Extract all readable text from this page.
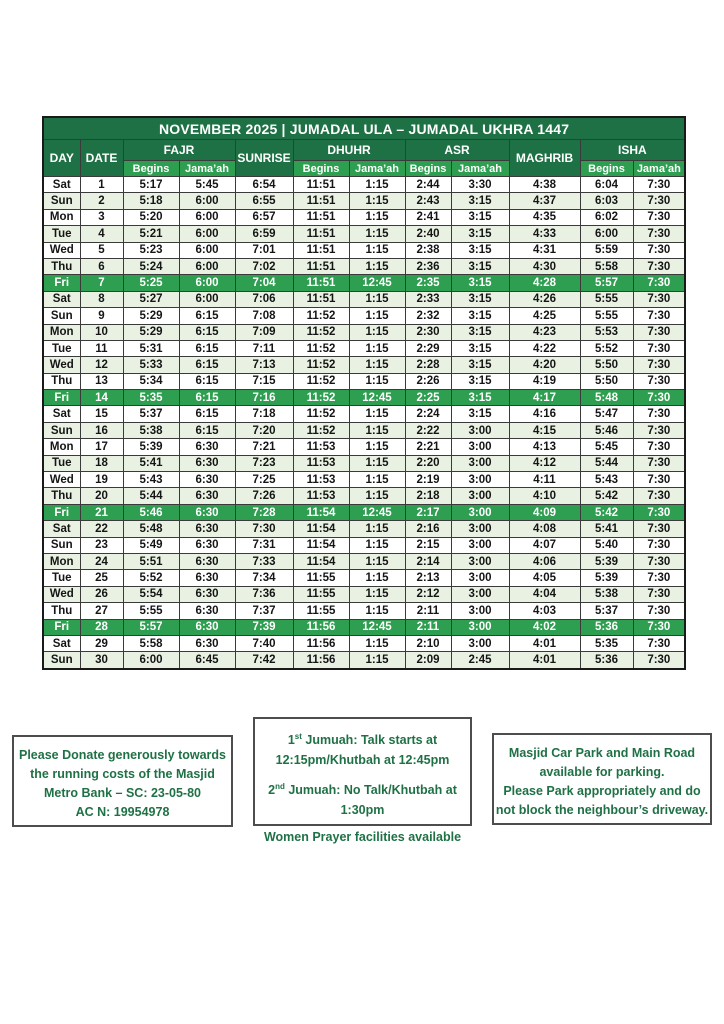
NOVEMBER 2025 | JUMADAL ULA – JUMADAL UKHRA 1447											
DAY	DATE	FAJR		SUNRISE	DHUHR		ASR		MAGHRIB	ISHA	
		Begins	Jama’ah		Begins	Jama’ah	Begins	Jama’ah		Begins	Jama’ah
Sat	1	5:17	5:45	6:54	11:51	1:15	2:44	3:30	4:38	6:04	7:30
Sun	2	5:18	6:00	6:55	11:51	1:15	2:43	3:15	4:37	6:03	7:30
Mon	3	5:20	6:00	6:57	11:51	1:15	2:41	3:15	4:35	6:02	7:30
Tue	4	5:21	6:00	6:59	11:51	1:15	2:40	3:15	4:33	6:00	7:30
Wed	5	5:23	6:00	7:01	11:51	1:15	2:38	3:15	4:31	5:59	7:30
Thu	6	5:24	6:00	7:02	11:51	1:15	2:36	3:15	4:30	5:58	7:30
Fri	7	5:25	6:00	7:04	11:51	12:45	2:35	3:15	4:28	5:57	7:30
Sat	8	5:27	6:00	7:06	11:51	1:15	2:33	3:15	4:26	5:55	7:30
Sun	9	5:29	6:15	7:08	11:52	1:15	2:32	3:15	4:25	5:55	7:30
Mon	10	5:29	6:15	7:09	11:52	1:15	2:30	3:15	4:23	5:53	7:30
Tue	11	5:31	6:15	7:11	11:52	1:15	2:29	3:15	4:22	5:52	7:30
Wed	12	5:33	6:15	7:13	11:52	1:15	2:28	3:15	4:20	5:50	7:30
Thu	13	5:34	6:15	7:15	11:52	1:15	2:26	3:15	4:19	5:50	7:30
Fri	14	5:35	6:15	7:16	11:52	12:45	2:25	3:15	4:17	5:48	7:30
Sat	15	5:37	6:15	7:18	11:52	1:15	2:24	3:15	4:16	5:47	7:30
Sun	16	5:38	6:15	7:20	11:52	1:15	2:22	3:00	4:15	5:46	7:30
Mon	17	5:39	6:30	7:21	11:53	1:15	2:21	3:00	4:13	5:45	7:30
Tue	18	5:41	6:30	7:23	11:53	1:15	2:20	3:00	4:12	5:44	7:30
Wed	19	5:43	6:30	7:25	11:53	1:15	2:19	3:00	4:11	5:43	7:30
Thu	20	5:44	6:30	7:26	11:53	1:15	2:18	3:00	4:10	5:42	7:30
Fri	21	5:46	6:30	7:28	11:54	12:45	2:17	3:00	4:09	5:42	7:30
Sat	22	5:48	6:30	7:30	11:54	1:15	2:16	3:00	4:08	5:41	7:30
Sun	23	5:49	6:30	7:31	11:54	1:15	2:15	3:00	4:07	5:40	7:30
Mon	24	5:51	6:30	7:33	11:54	1:15	2:14	3:00	4:06	5:39	7:30
Tue	25	5:52	6:30	7:34	11:55	1:15	2:13	3:00	4:05	5:39	7:30
Wed	26	5:54	6:30	7:36	11:55	1:15	2:12	3:00	4:04	5:38	7:30
Thu	27	5:55	6:30	7:37	11:55	1:15	2:11	3:00	4:03	5:37	7:30
Fri	28	5:57	6:30	7:39	11:56	12:45	2:11	3:00	4:02	5:36	7:30
Sat	29	5:58	6:30	7:40	11:56	1:15	2:10	3:00	4:01	5:35	7:30
Sun	30	6:00	6:45	7:42	11:56	1:15	2:09	2:45	4:01	5:36	7:30
Please Donate generously towards
the running costs of the Masjid
Metro Bank – SC: 23-05-80
AC N: 19954978
1st Jumuah: Talk starts at
12:15pm/Khutbah at 12:45pm
2nd Jumuah: No Talk/Khutbah at
1:30pm
Women Prayer facilities available
Masjid Car Park and Main Road
available for parking.
Please Park appropriately and do
not block the neighbour’s driveway.
